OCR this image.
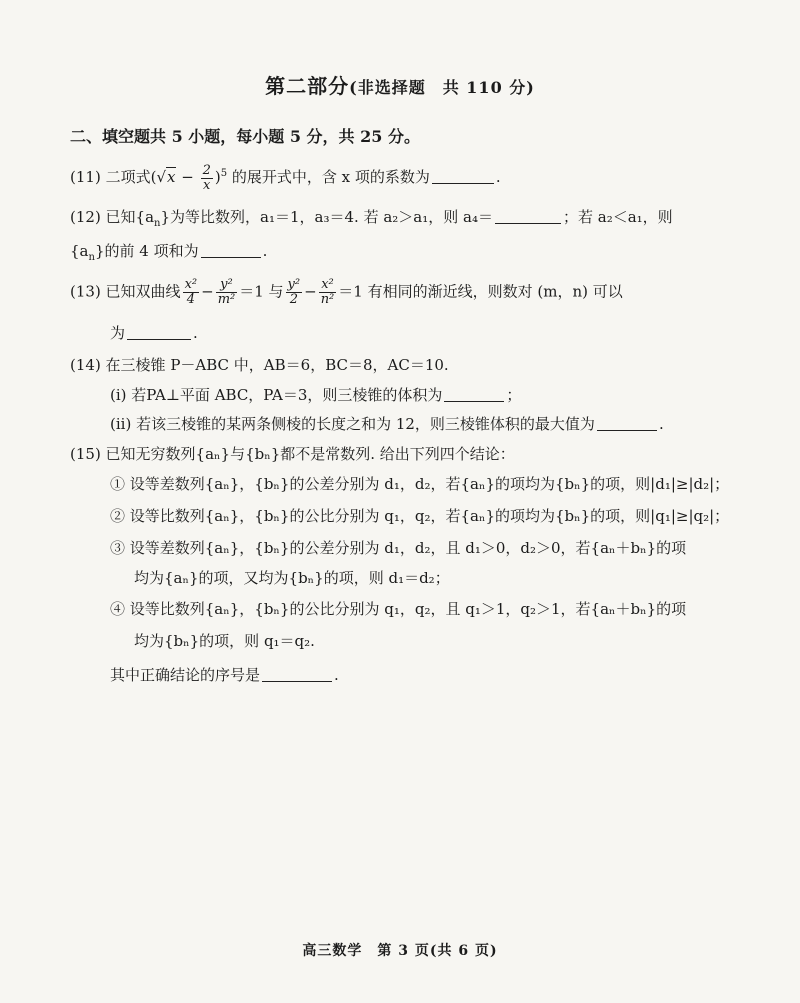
第二部分(非选择题　共 110 分)
二、填空题共 5 小题，每小题 5 分，共 25 分。
(11) 二项式$(√x - \frac{2}{x} )^5$ 的展开式中，含 x 项的系数为	.
(12) 已知$\{a_n\}$为等比数列，a₁＝1，a₃＝4. 若 a₂＞a₁，则 a₄＝	；若 a₂＜a₁，则
$\{a_n\}$的前 4 项和为	.
(13) 已知双曲线 $\frac{\text{x²}}{4} - \frac{\text{y²}}{\text{m²}} =1$ 与 $\frac{\text{y²}}{2} - \frac{\text{x²}}{\text{n²}} =1$ 有相同的渐近线，则数对 (m，n) 可以
为	.
(14) 在三棱锥 P－ABC 中，AB＝6，BC＝8，AC＝10.
(i) 若PA⊥平面 ABC，PA＝3，则三棱锥的体积为	；
(ii) 若该三棱锥的某两条侧棱的长度之和为 12，则三棱锥体积的最大值为	.
(15) 已知无穷数列{aₙ}与{bₙ}都不是常数列. 给出下列四个结论：
① 设等差数列{aₙ}，{bₙ}的公差分别为 d₁，d₂，若{aₙ}的项均为{bₙ}的项，则|d₁|≥|d₂|；
② 设等比数列{aₙ}，{bₙ}的公比分别为 q₁，q₂，若{aₙ}的项均为{bₙ}的项，则|q₁|≥|q₂|；
③ 设等差数列{aₙ}，{bₙ}的公差分别为 d₁，d₂，且 d₁＞0，d₂＞0，若{aₙ＋bₙ}的项
均为{aₙ}的项，又均为{bₙ}的项，则 d₁＝d₂；
④ 设等比数列{aₙ}，{bₙ}的公比分别为 q₁，q₂，且 q₁＞1，q₂＞1，若{aₙ＋bₙ}的项
均为{bₙ}的项，则 q₁＝q₂.
其中正确结论的序号是	.
高三数学　第 3 页(共 6 页)
